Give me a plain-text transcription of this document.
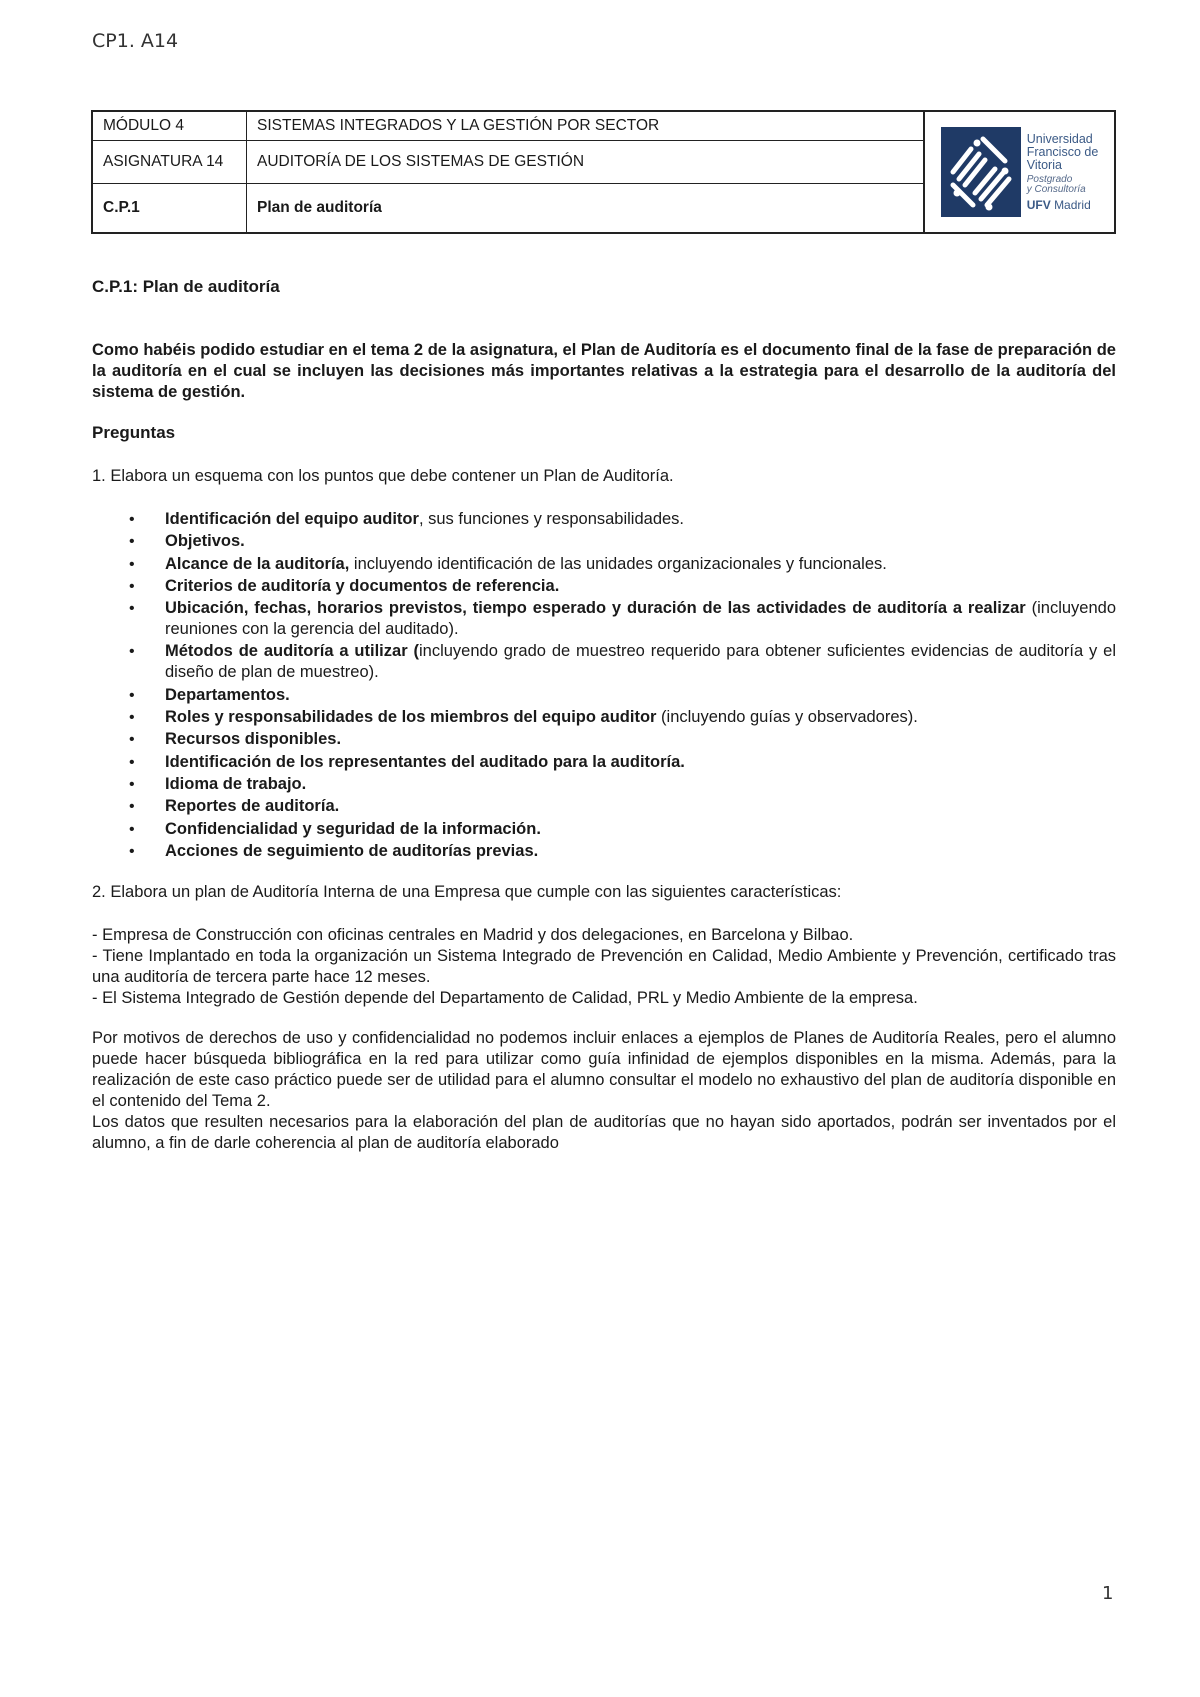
CP1. A14
MÓDULO 4	SISTEMAS INTEGRADOS Y LA GESTIÓN POR SECTOR
ASIGNATURA 14	AUDITORÍA DE LOS SISTEMAS DE GESTIÓN
C.P.1	Plan de auditoría
Universidad
Francisco de
Vitoria
Postgrado
y Consultoría
UFV Madrid
C.P.1: Plan de auditoría
Como habéis podido estudiar en el tema 2 de la asignatura, el Plan de Auditoría es el documento final de la fase de preparación de la auditoría en el cual se incluyen las decisiones más importantes relativas a la estrategia para el desarrollo de la auditoría del sistema de gestión.
Preguntas
1. Elabora un esquema con los puntos que debe contener un Plan de Auditoría.
• Identificación del equipo auditor, sus funciones y responsabilidades.
• Objetivos.
• Alcance de la auditoría, incluyendo identificación de las unidades organizacionales y funcionales.
• Criterios de auditoría y documentos de referencia.
• Ubicación, fechas, horarios previstos, tiempo esperado y duración de las actividades de auditoría a realizar (incluyendo reuniones con la gerencia del auditado).
• Métodos de auditoría a utilizar (incluyendo grado de muestreo requerido para obtener suficientes evidencias de auditoría y el diseño de plan de muestreo).
• Departamentos.
• Roles y responsabilidades de los miembros del equipo auditor (incluyendo guías y observadores).
• Recursos disponibles.
• Identificación de los representantes del auditado para la auditoría.
• Idioma de trabajo.
• Reportes de auditoría.
• Confidencialidad y seguridad de la información.
• Acciones de seguimiento de auditorías previas.
2. Elabora un plan de Auditoría Interna de una Empresa que cumple con las siguientes características:

- Empresa de Construcción con oficinas centrales en Madrid y dos delegaciones, en Barcelona y Bilbao.

- Tiene Implantado en toda la organización un Sistema Integrado de Prevención en Calidad, Medio Ambiente y Prevención, certificado tras una auditoría de tercera parte hace 12 meses.

- El Sistema Integrado de Gestión depende del Departamento de Calidad, PRL y Medio Ambiente de la empresa.

Por motivos de derechos de uso y confidencialidad no podemos incluir enlaces a ejemplos de Planes de Auditoría Reales, pero el alumno puede hacer búsqueda bibliográfica en la red para utilizar como guía infinidad de ejemplos disponibles en la misma. Además, para la realización de este caso práctico puede ser de utilidad para el alumno consultar el modelo no exhaustivo del plan de auditoría disponible en el contenido del Tema 2.

Los datos que resulten necesarios para la elaboración del plan de auditorías que no hayan sido aportados, podrán ser inventados por el alumno, a fin de darle coherencia al plan de auditoría elaborado

1
